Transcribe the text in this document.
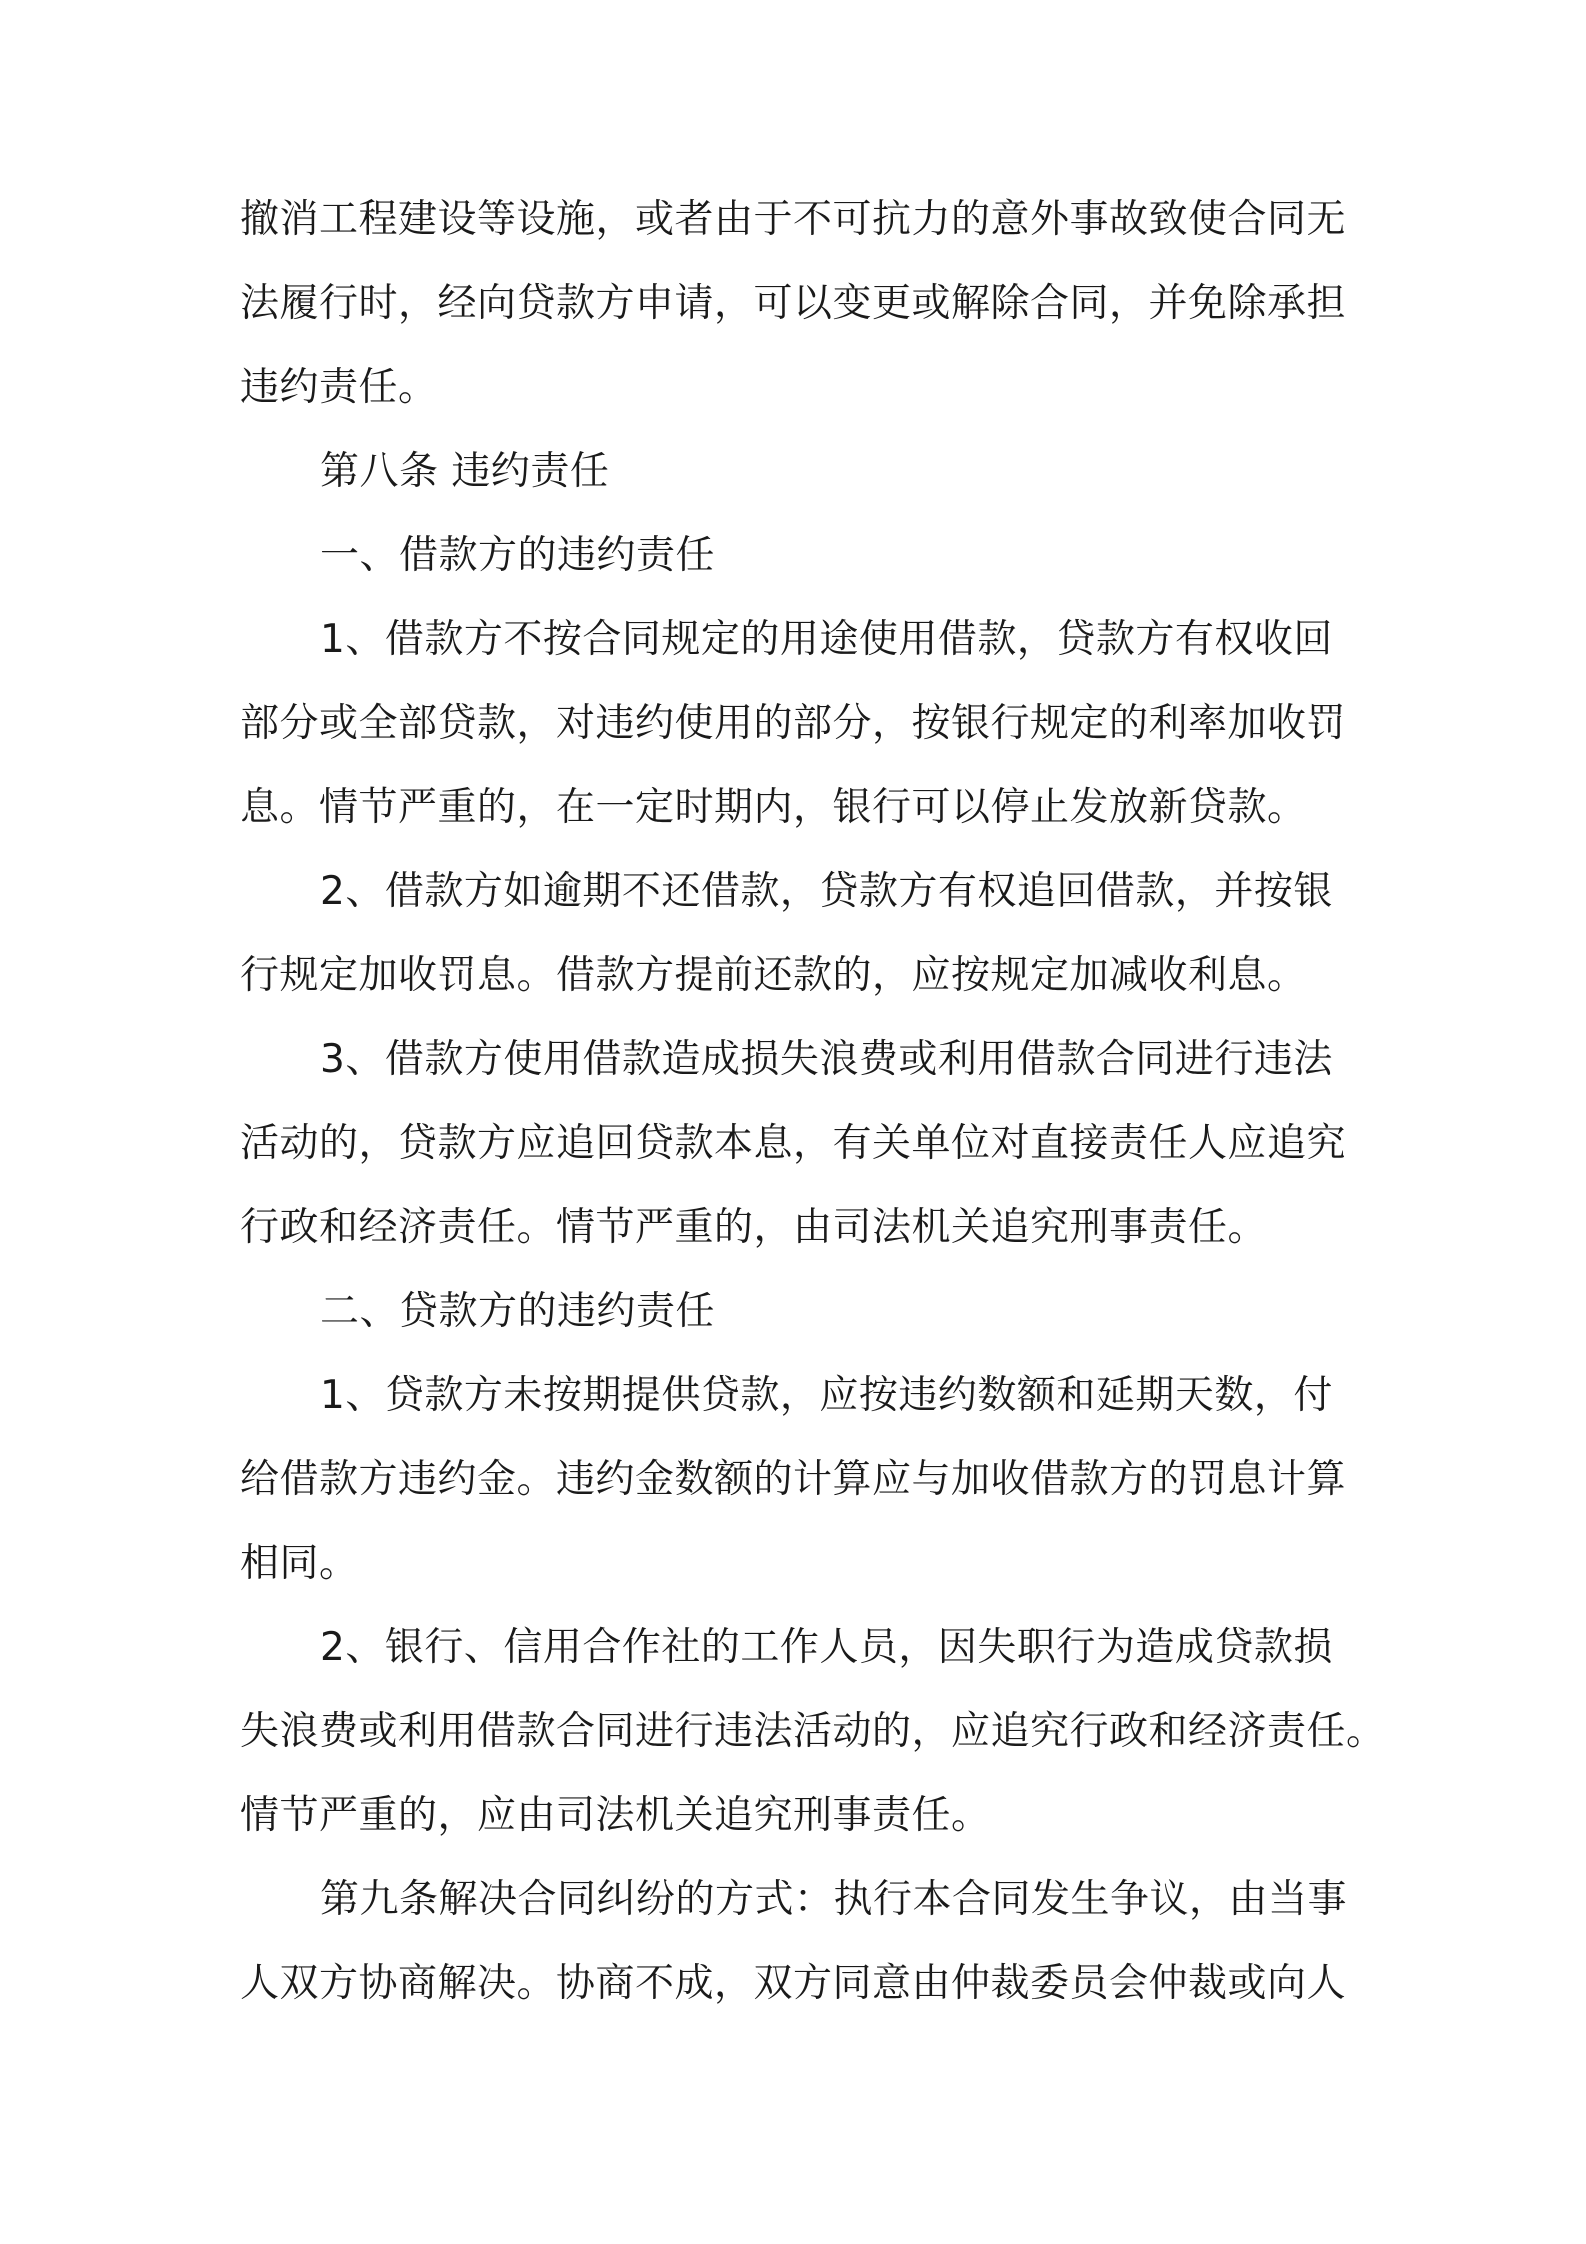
撤消工程建设等设施，或者由于不可抗力的意外事故致使合同无
法履行时，经向贷款方申请，可以变更或解除合同，并免除承担
违约责任。
第八条 违约责任
一、借款方的违约责任
1、借款方不按合同规定的用途使用借款，贷款方有权收回
部分或全部贷款，对违约使用的部分，按银行规定的利率加收罚
息。情节严重的，在一定时期内，银行可以停止发放新贷款。
2、借款方如逾期不还借款，贷款方有权追回借款，并按银
行规定加收罚息。借款方提前还款的，应按规定加减收利息。
3、借款方使用借款造成损失浪费或利用借款合同进行违法
活动的，贷款方应追回贷款本息，有关单位对直接责任人应追究
行政和经济责任。情节严重的，由司法机关追究刑事责任。
二、贷款方的违约责任
1、贷款方未按期提供贷款，应按违约数额和延期天数，付
给借款方违约金。违约金数额的计算应与加收借款方的罚息计算
相同。
2、银行、信用合作社的工作人员，因失职行为造成贷款损
失浪费或利用借款合同进行违法活动的，应追究行政和经济责任。
情节严重的，应由司法机关追究刑事责任。
第九条解决合同纠纷的方式：执行本合同发生争议，由当事
人双方协商解决。协商不成，双方同意由仲裁委员会仲裁或向人
